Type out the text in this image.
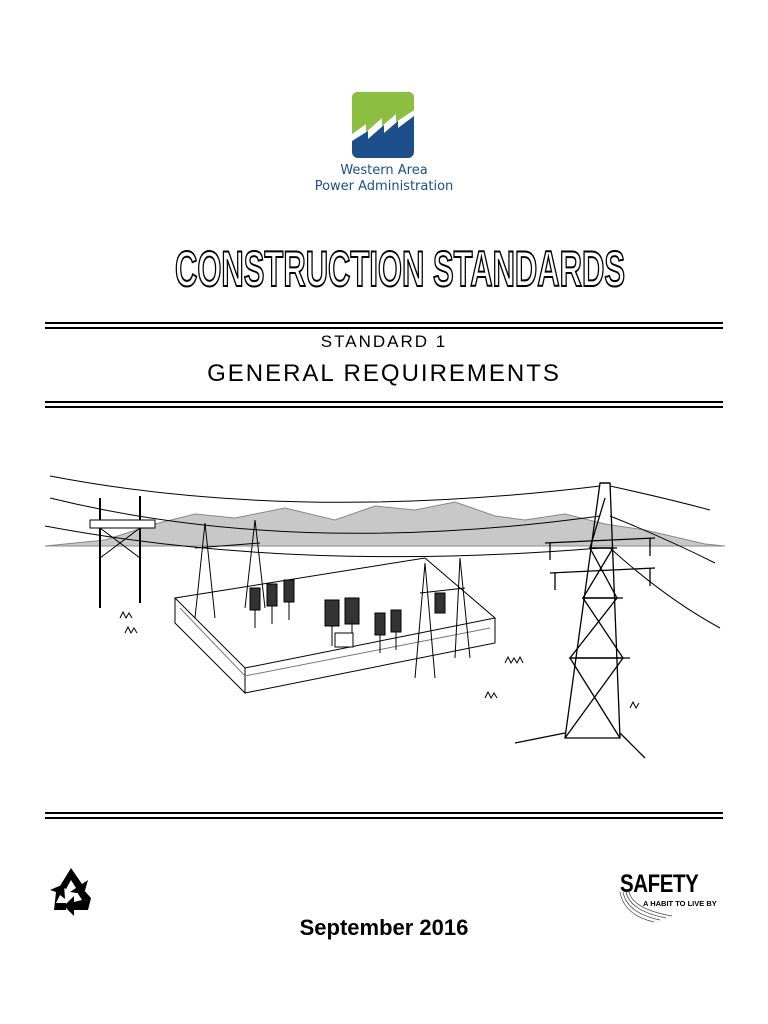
Western Area
Power Administration
CONSTRUCTION STANDARDS
STANDARD 1
GENERAL REQUIREMENTS
September 2016
SAFETY
A HABIT TO LIVE BY
